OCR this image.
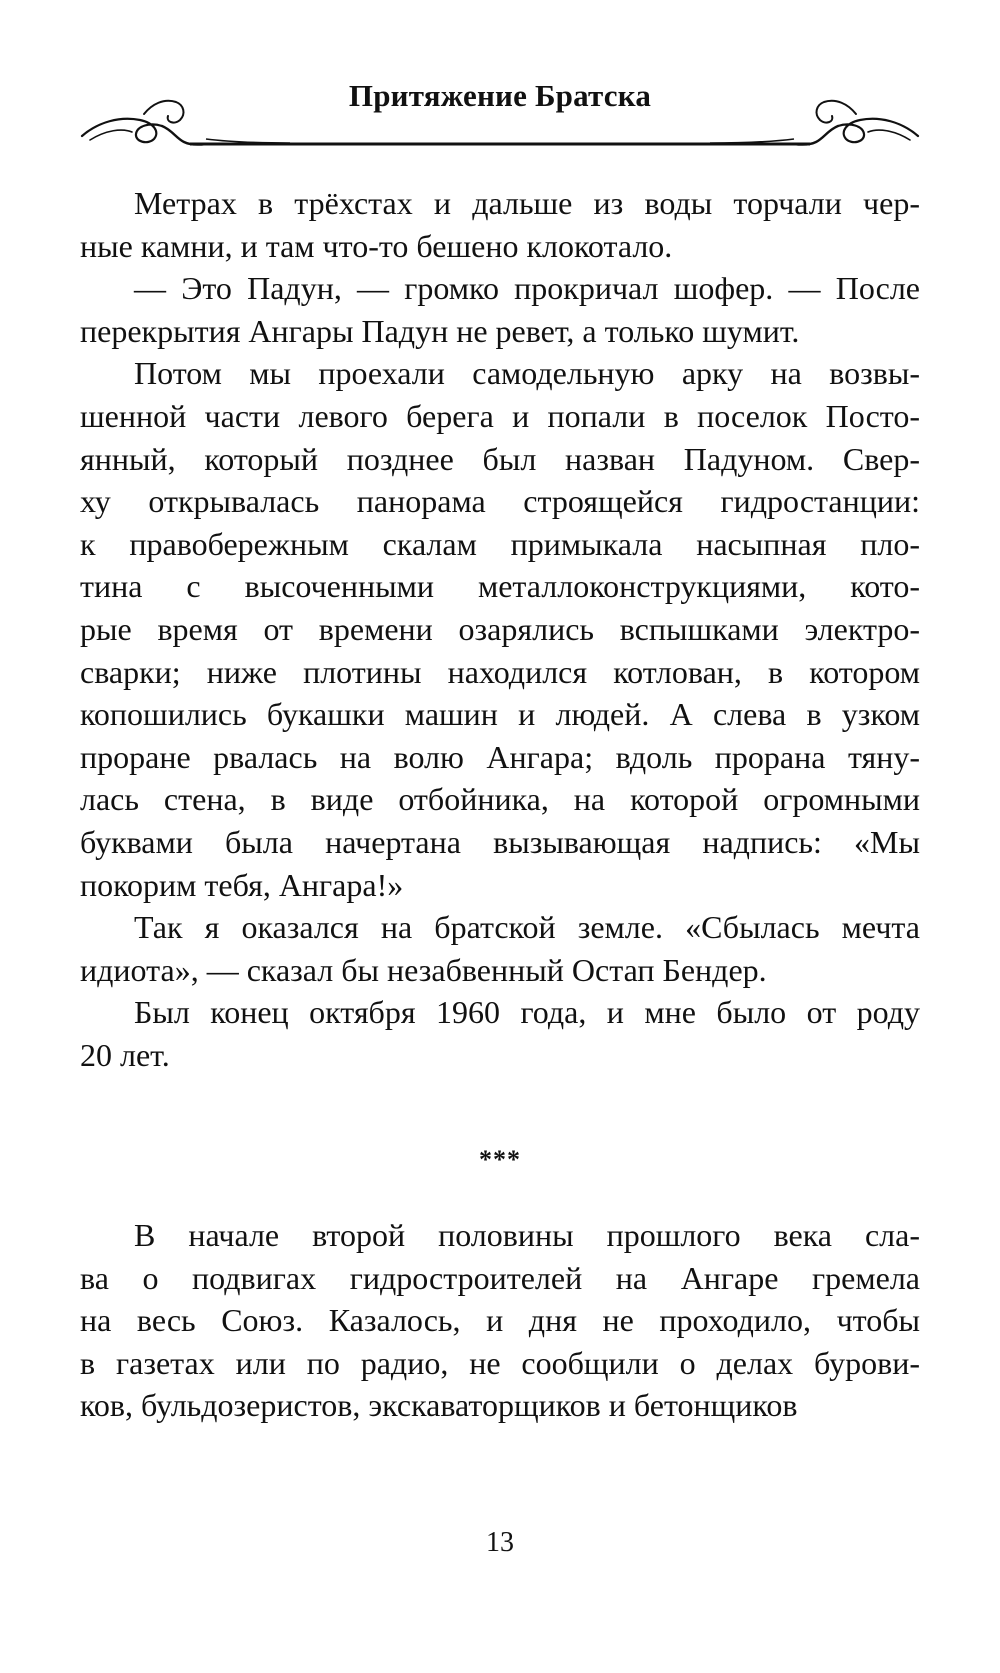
Притяжение Братска
Метрах в трёхстах и дальше из воды торчали чер-
ные камни, и там что-то бешено клокотало.
— Это Падун, — громко прокричал шофер. — После
перекрытия Ангары Падун не ревет, а только шумит.
Потом мы проехали самодельную арку на возвы-
шенной части левого берега и попали в поселок Посто-
янный, который позднее был назван Падуном. Свер-
ху открывалась панорама строящейся гидростанции:
к правобережным скалам примыкала насыпная пло-
тина с высоченными металлоконструкциями, кото-
рые время от времени озарялись вспышками электро-
сварки; ниже плотины находился котлован, в котором
копошились букашки машин и людей. А слева в узком
проране рвалась на волю Ангара; вдоль прорана тяну-
лась стена, в виде отбойника, на которой огромными
буквами была начертана вызывающая надпись: «Мы
покорим тебя, Ангара!»
Так я оказался на братской земле. «Сбылась мечта
идиота», — сказал бы незабвенный Остап Бендер.
Был конец октября 1960 года, и мне было от роду
20 лет.
***
В начале второй половины прошлого века сла-
ва о подвигах гидростроителей на Ангаре гремела
на весь Союз. Казалось, и дня не проходило, чтобы
в газетах или по радио, не сообщили о делах бурови-
ков, бульдозеристов, экскаваторщиков и бетонщиков
13
